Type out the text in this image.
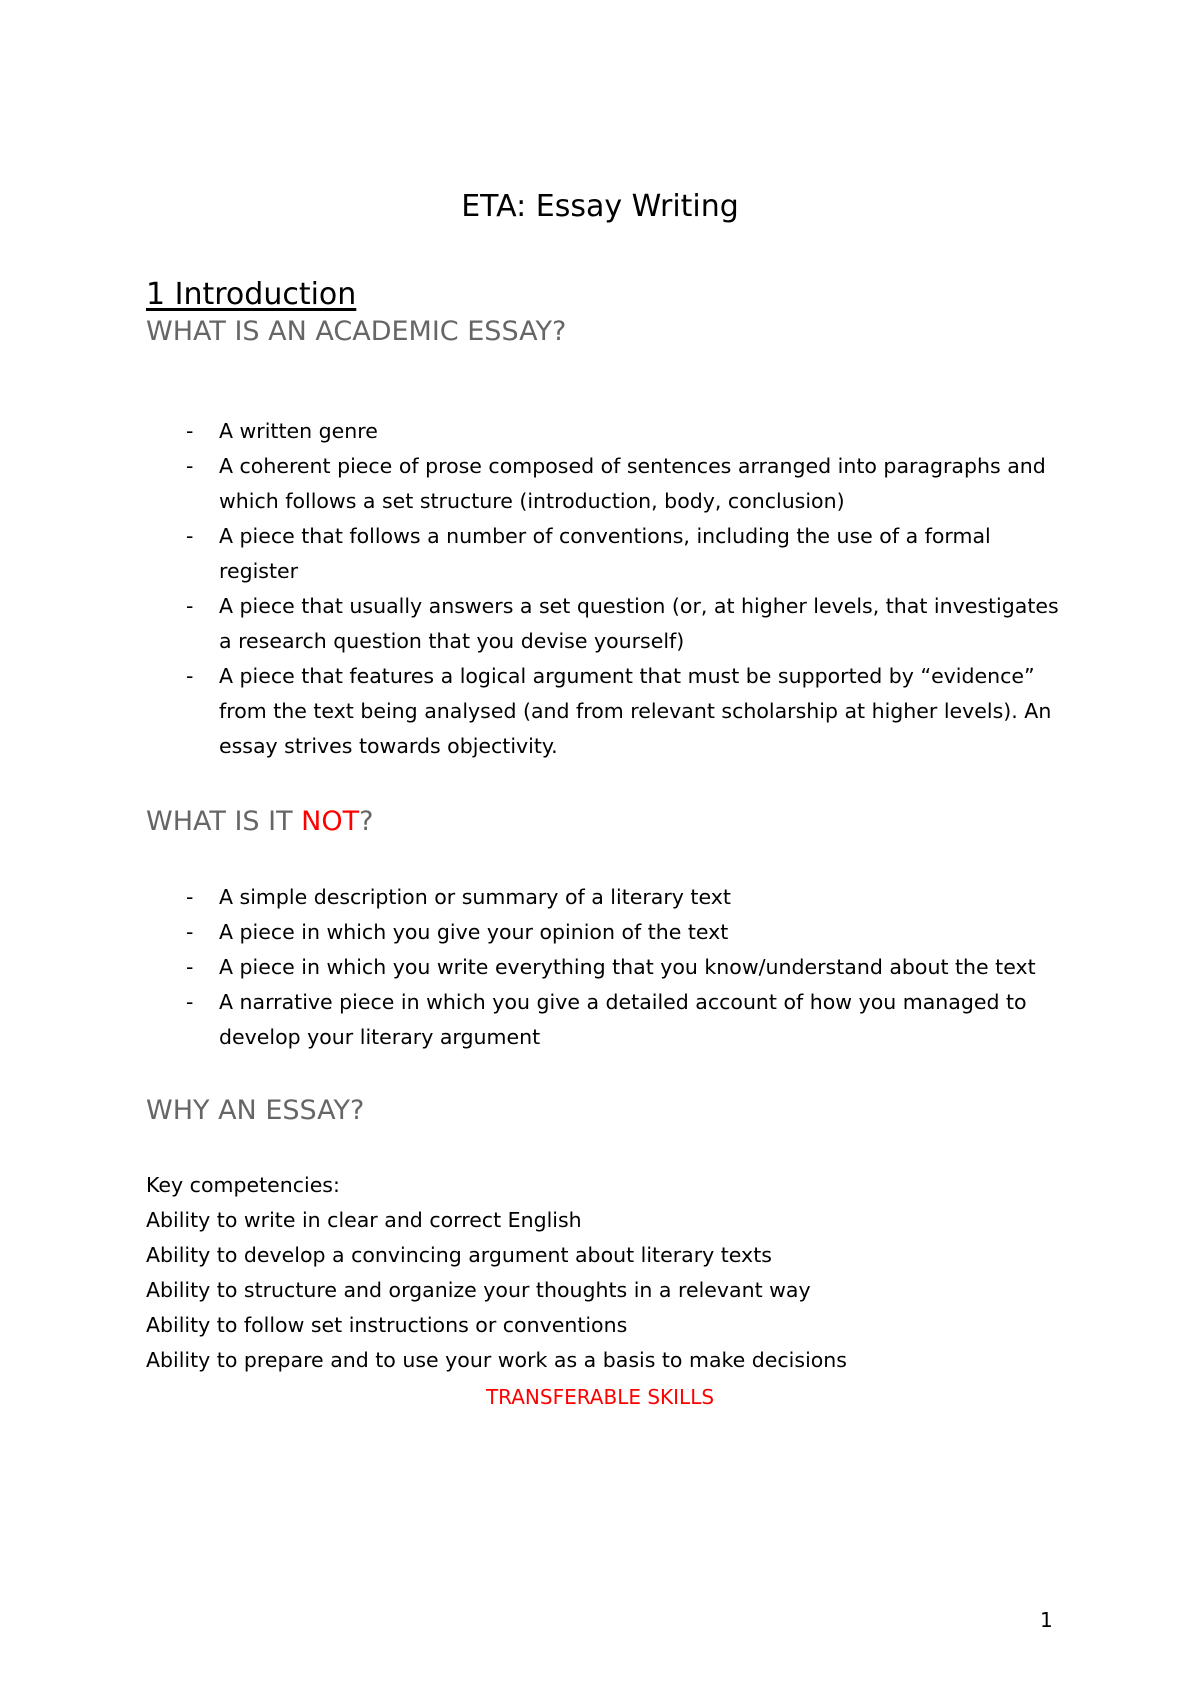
ETA: Essay Writing
1 Introduction
WHAT IS AN ACADEMIC ESSAY?
- A written genre
- A coherent piece of prose composed of sentences arranged into paragraphs and which follows a set structure (introduction, body, conclusion)
- A piece that follows a number of conventions, including the use of a formal register
- A piece that usually answers a set question (or, at higher levels, that investigates a research question that you devise yourself)
- A piece that features a logical argument that must be supported by “evidence” from the text being analysed (and from relevant scholarship at higher levels). An essay strives towards objectivity.
WHAT IS IT NOT?
- A simple description or summary of a literary text
- A piece in which you give your opinion of the text
- A piece in which you write everything that you know/understand about the text
- A narrative piece in which you give a detailed account of how you managed to develop your literary argument
WHY AN ESSAY?
Key competencies:
Ability to write in clear and correct English
Ability to develop a convincing argument about literary texts
Ability to structure and organize your thoughts in a relevant way
Ability to follow set instructions or conventions
Ability to prepare and to use your work as a basis to make decisions
TRANSFERABLE SKILLS
1
